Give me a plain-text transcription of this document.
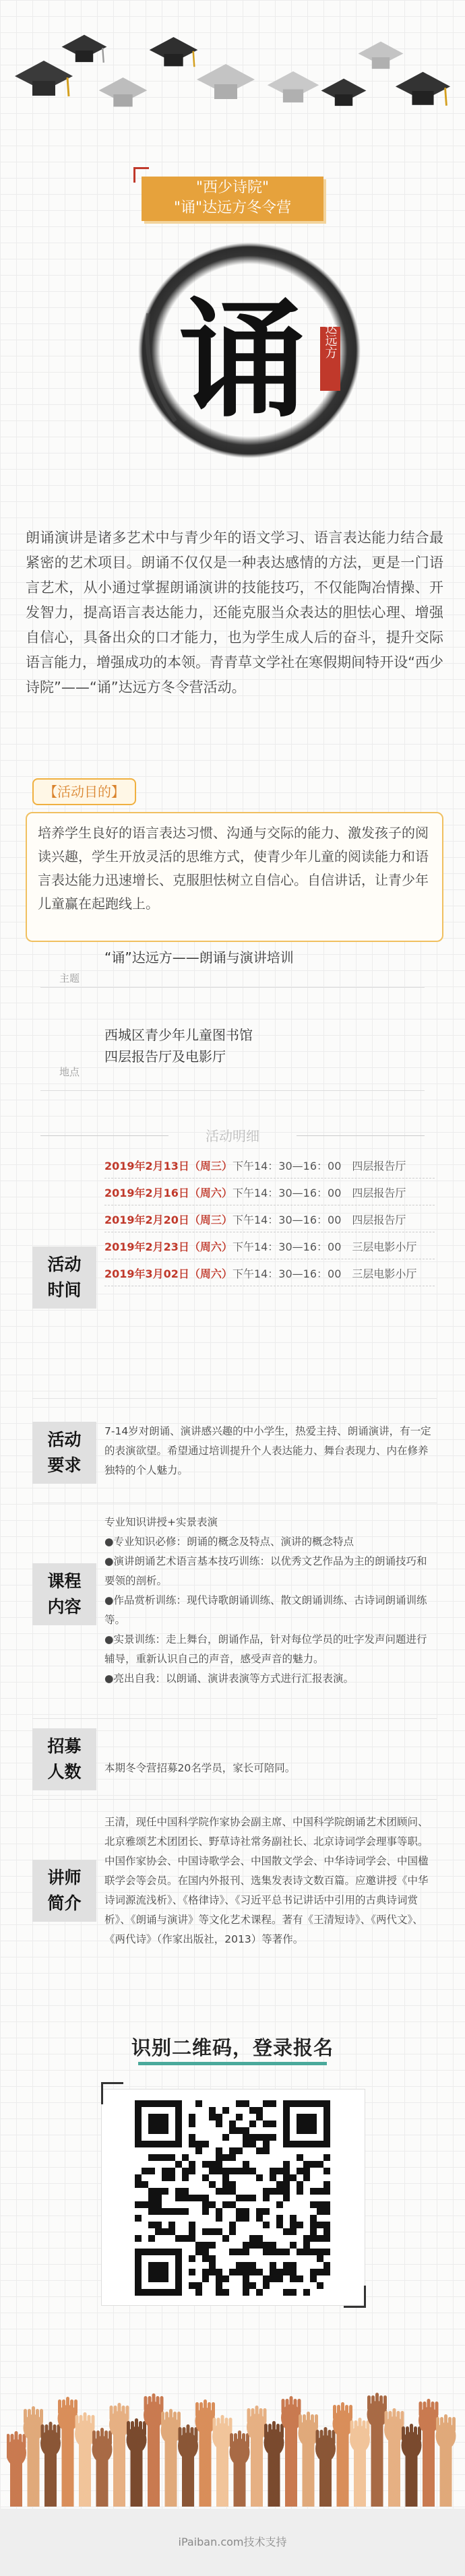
"西少诗院"
"诵"达远方冬令营
诵 达远方
朗诵演讲是诸多艺术中与青少年的语文学习、语言表达能力结合最紧密的艺术项目。朗诵不仅仅是一种表达感情的方法，更是一门语言艺术，从小通过掌握朗诵演讲的技能技巧，不仅能陶冶情操、开发智力，提高语言表达能力，还能克服当众表达的胆怯心理、增强自信心，具备出众的口才能力，也为学生成人后的奋斗，提升交际语言能力，增强成功的本领。青青草文学社在寒假期间特开设“西少诗院”——“诵”达远方冬令营活动。
【活动目的】
培养学生良好的语言表达习惯、沟通与交际的能力、激发孩子的阅读兴趣，学生开放灵活的思维方式，使青少年儿童的阅读能力和语言表达能力迅速增长、克服胆怯树立自信心。自信讲话，让青少年儿童赢在起跑线上。
主题
“诵”达远方——朗诵与演讲培训
地点
西城区青少年儿童图书馆
四层报告厅及电影厅
活动明细
活动
时间
2019年2月13日（周三）下午14：30—16：00　四层报告厅
2019年2月16日（周六）下午14：30—16：00　四层报告厅
2019年2月20日（周三）下午14：30—16：00　四层报告厅
2019年2月23日（周六）下午14：30—16：00　三层电影小厅
2019年3月02日（周六）下午14：30—16：00　三层电影小厅
活动
要求
7-14岁对朗诵、演讲感兴趣的中小学生，热爱主持、朗诵演讲，有一定的表演欲望。希望通过培训提升个人表达能力、舞台表现力、内在修养独特的个人魅力。
课程
内容
专业知识讲授+实景表演
●专业知识必修：朗诵的概念及特点、演讲的概念特点
●演讲朗诵艺术语言基本技巧训练：以优秀文艺作品为主的朗诵技巧和要领的剖析。
●作品赏析训练：现代诗歌朗诵训练、散文朗诵训练、古诗词朗诵训练等。
●实景训练：走上舞台，朗诵作品，针对每位学员的吐字发声问题进行辅导，重新认识自己的声音，感受声音的魅力。
●亮出自我：以朗诵、演讲表演等方式进行汇报表演。
招募
人数	本期冬令营招募20名学员，家长可陪同。
讲师
简介
王清，现任中国科学院作家协会副主席、中国科学院朗诵艺术团顾问、北京雅颂艺术团团长、野草诗社常务副社长、北京诗词学会理事等职。中国作家协会、中国诗歌学会、中国散文学会、中华诗词学会、中国楹联学会等会员。在国内外报刊、选集发表诗文数百篇。应邀讲授《中华诗词源流浅析》、《格律诗》、《习近平总书记讲话中引用的古典诗词赏析》、《朗诵与演讲》等文化艺术课程。著有《王清短诗》、《两代文》、《两代诗》（作家出版社，2013）等著作。
识别二维码，登录报名
iPaiban.com技术支持
